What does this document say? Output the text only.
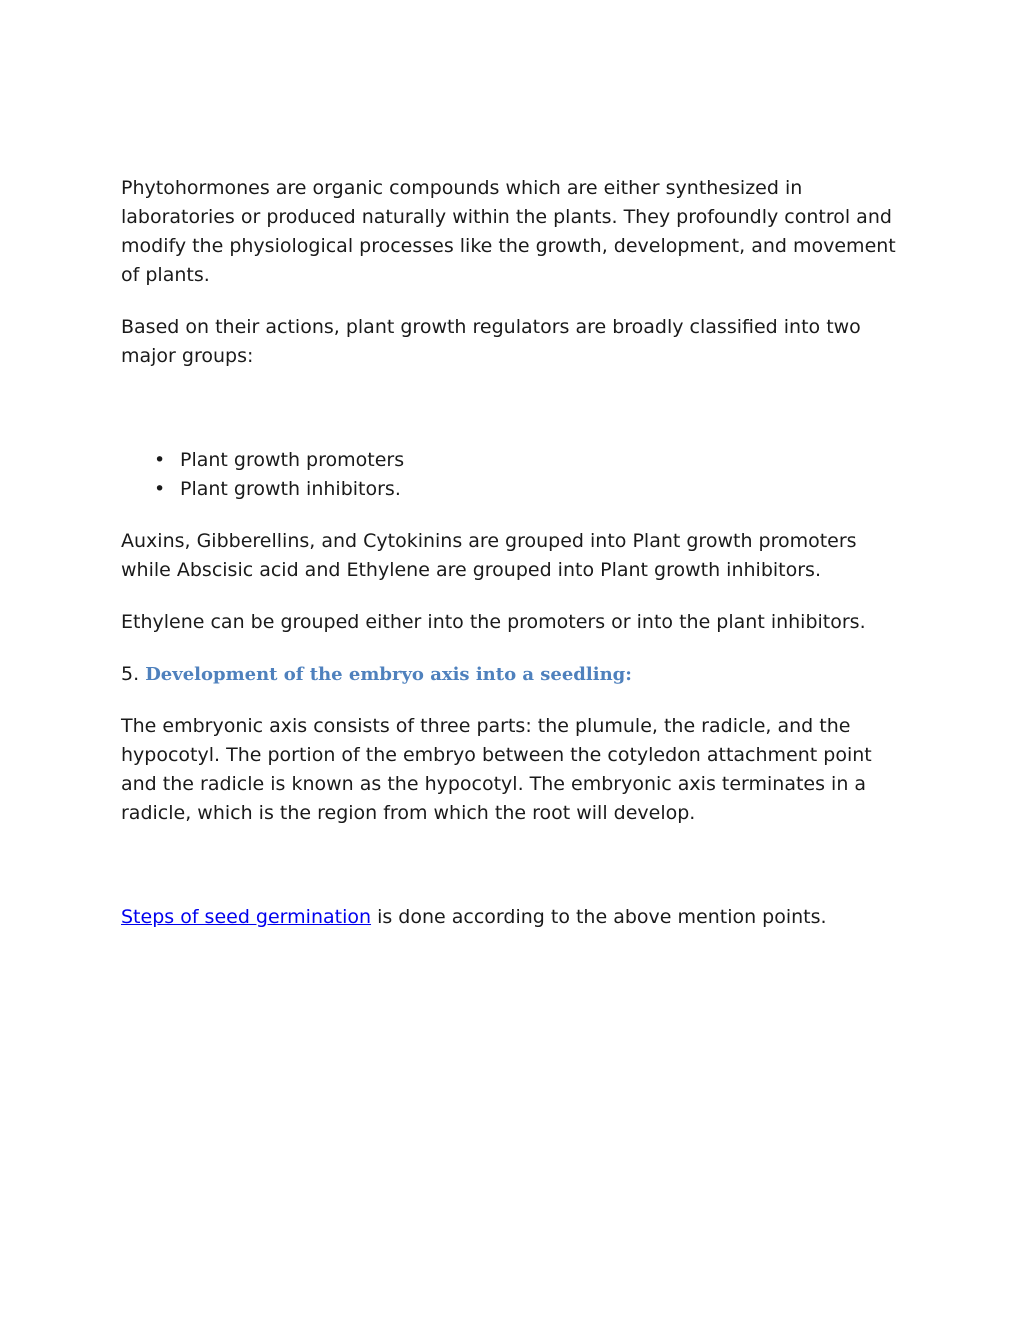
Phytohormones are organic compounds which are either synthesized in laboratories or produced naturally within the plants. They profoundly control and modify the physiological processes like the growth, development, and movement of plants.

Based on their actions, plant growth regulators are broadly classified into two major groups:

• Plant growth promoters
• Plant growth inhibitors.

Auxins, Gibberellins, and Cytokinins are grouped into Plant growth promoters while Abscisic acid and Ethylene are grouped into Plant growth inhibitors.

Ethylene can be grouped either into the promoters or into the plant inhibitors.

5. Development of the embryo axis into a seedling:

The embryonic axis consists of three parts: the plumule, the radicle, and the hypocotyl. The portion of the embryo between the cotyledon attachment point and the radicle is known as the hypocotyl. The embryonic axis terminates in a radicle, which is the region from which the root will develop.

Steps of seed germination is done according to the above mention points.
